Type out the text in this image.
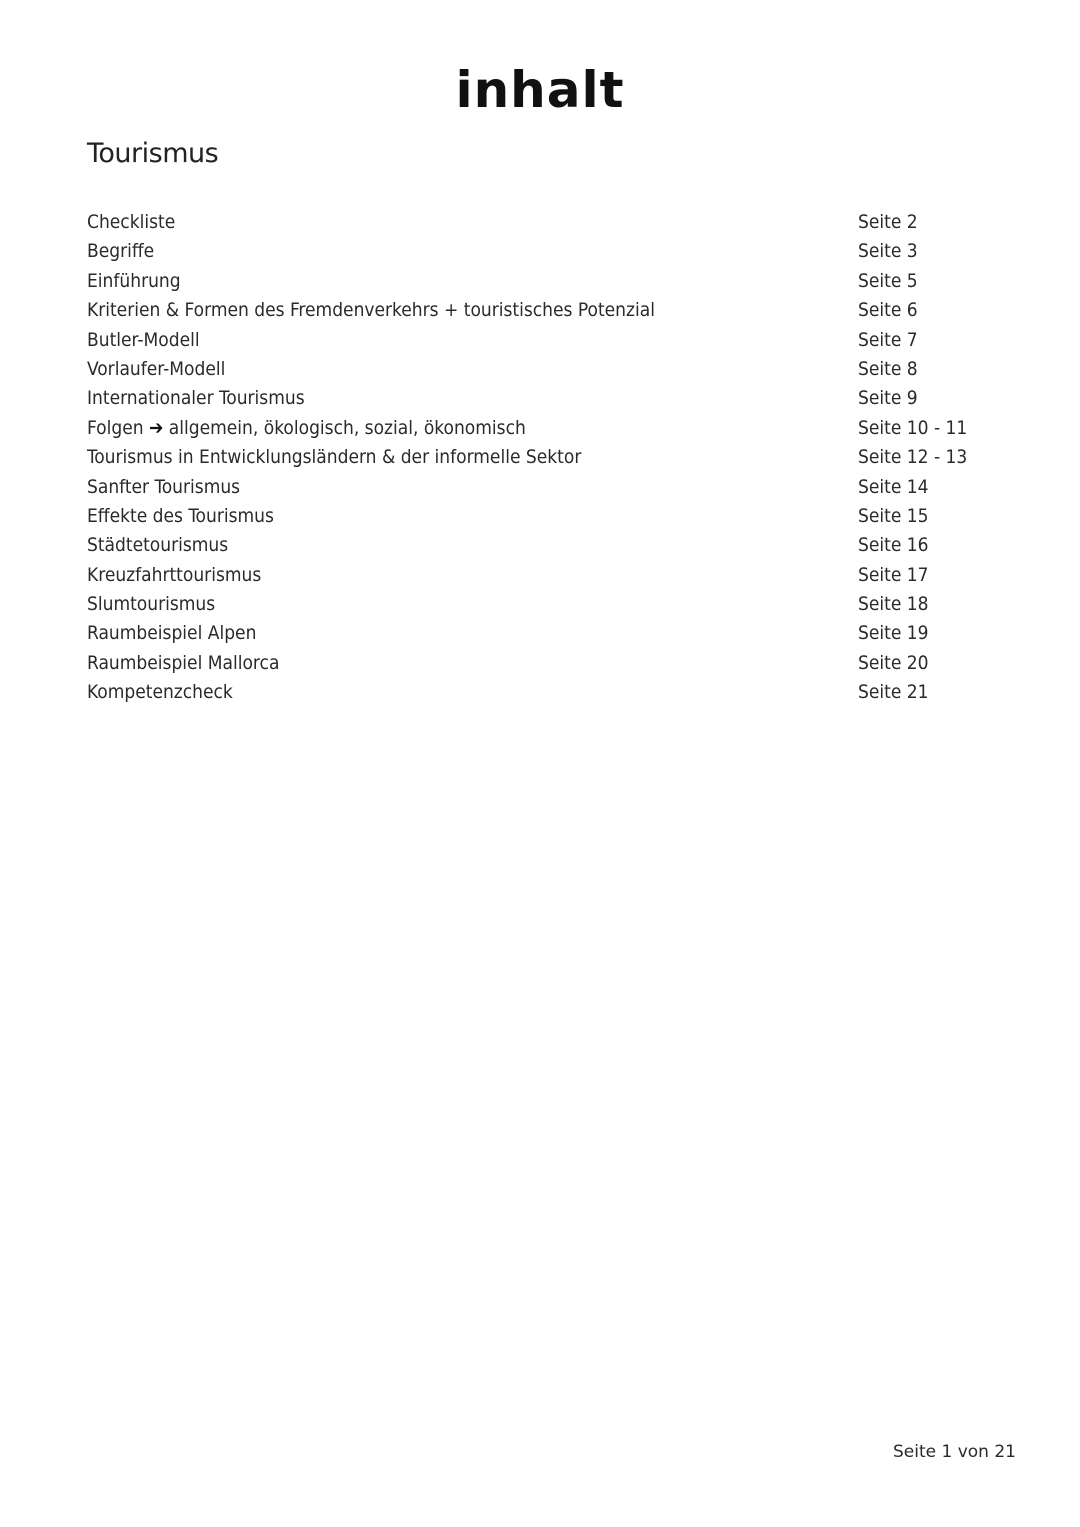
inhalt
Tourismus
Checkliste	Seite 2
Begriffe	Seite 3
Einführung	Seite 5
Kriterien & Formen des Fremdenverkehrs + touristisches Potenzial	Seite 6
Butler-Modell	Seite 7
Vorlaufer-Modell	Seite 8
Internationaler Tourismus	Seite 9
Folgen ➔ allgemein, ökologisch, sozial, ökonomisch	Seite 10 - 11
Tourismus in Entwicklungsländern & der informelle Sektor	Seite 12 - 13
Sanfter Tourismus	Seite 14
Effekte des Tourismus	Seite 15
Städtetourismus	Seite 16
Kreuzfahrttourismus	Seite 17
Slumtourismus	Seite 18
Raumbeispiel Alpen	Seite 19
Raumbeispiel Mallorca	Seite 20
Kompetenzcheck	Seite 21
Seite 1 von 21
